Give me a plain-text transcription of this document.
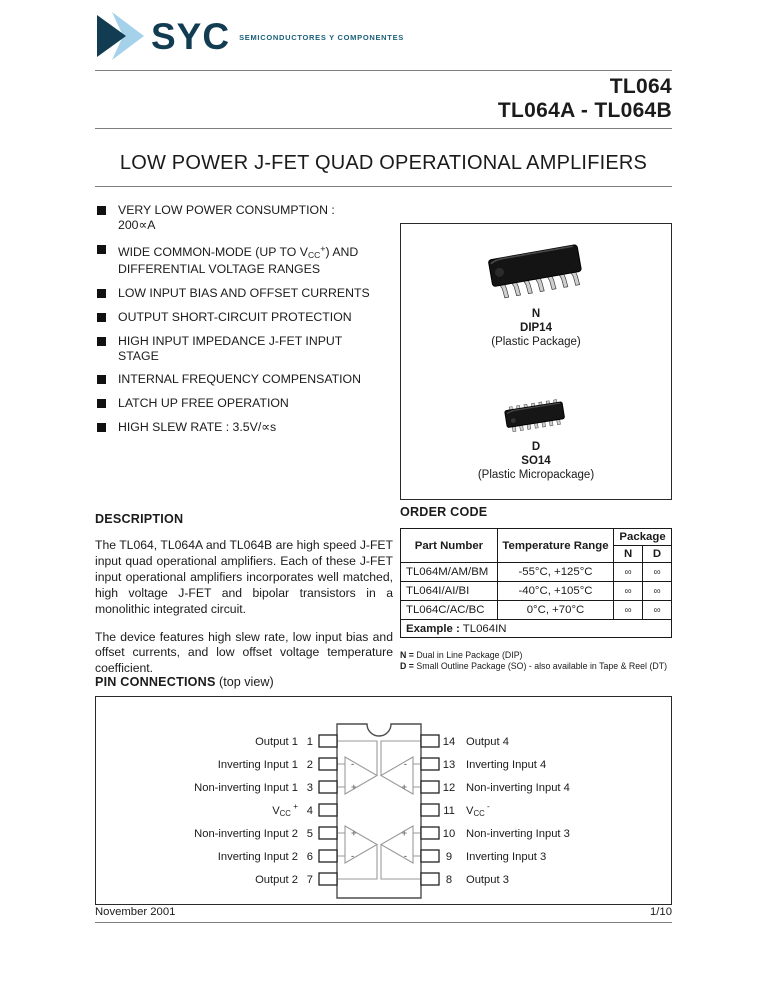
SYC SEMICONDUCTORES Y COMPONENTES
TL064
TL064A - TL064B
LOW POWER J-FET QUAD OPERATIONAL AMPLIFIERS
VERY LOW POWER CONSUMPTION :
200∝A
WIDE COMMON-MODE (UP TO $V_{CC}^+$) AND
DIFFERENTIAL VOLTAGE RANGES
LOW INPUT BIAS AND OFFSET CURRENTS
OUTPUT SHORT-CIRCUIT PROTECTION
HIGH INPUT IMPEDANCE J-FET INPUT
STAGE
INTERNAL FREQUENCY COMPENSATION
LATCH UP FREE OPERATION
HIGH SLEW RATE : 3.5V/∝s
N
DIP14
(Plastic Package)
D
SO14
(Plastic Micropackage)
DESCRIPTION

The TL064, TL064A and TL064B are high speed J-FET input quad operational amplifiers. Each of these J-FET input operational amplifiers incorporates well matched, high voltage J-FET and bipolar transistors in a monolithic integrated circuit.

The device features high slew rate, low input bias and offset currents, and low offset voltage temperature coefficient.

ORDER CODE
Part Number	Temperature Range	Package	
		N	D
TL064M/AM/BM	-55°C, +125°C	∞	∞
TL064I/AI/BI	-40°C, +105°C	∞	∞
TL064C/AC/BC	0°C, +70°C	∞	∞
Example : TL064IN			
N = Dual in Line Package (DIP)
D = Small Outline Package (SO) - also available in Tape & Reel (DT)
PIN CONNECTIONS (top view)
Output 1 1
Inverting Input 1 2
Non-inverting Input 1 3
VCC + 4
Non-inverting Input 2 5
Inverting Input 2 6
Output 2 7
14 Output 4
13 Inverting Input 4
12 Non-inverting Input 4
11 VCC -
10 Non-inverting Input 3
9 Inverting Input 3
8 Output 3
-
+
+
-
-
+
+
-
November 2001	1/10
